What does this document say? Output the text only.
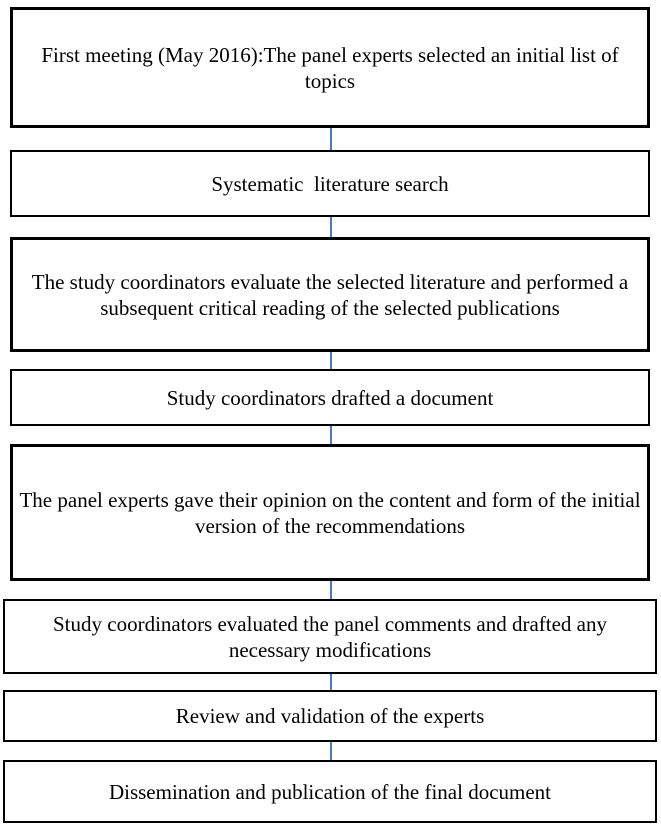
First meeting (May 2016):The panel experts selected an initial list of topics
Systematic  literature search
The study coordinators evaluate the selected literature and performed a subsequent critical reading of the selected publications
Study coordinators drafted a document
The panel experts gave their opinion on the content and form of the initial version of the recommendations
Study coordinators evaluated the panel comments and drafted any necessary modifications
Review and validation of the experts
Dissemination and publication of the final document
